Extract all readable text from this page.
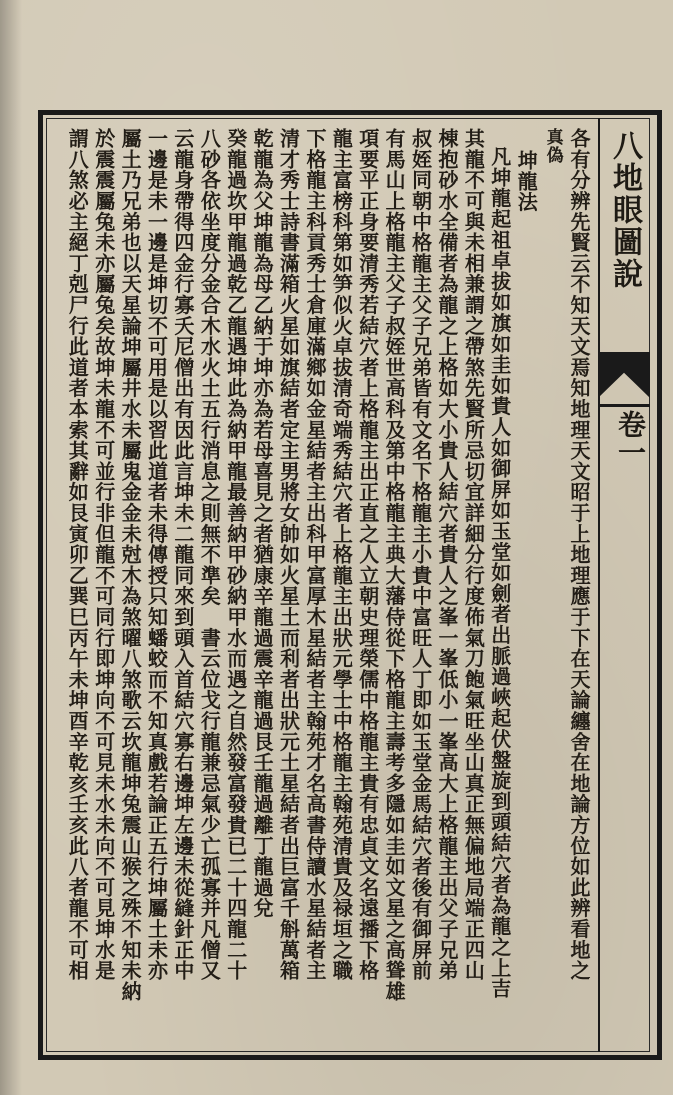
八地眼圖說
卷一
各有分辨先賢云不知天文焉知地理天文昭于上地理應于下在天論纏舍在地論方位如此辨看地之
真偽
坤龍法
凡坤龍起祖卓拔如旗如圭如貴人如御屏如玉堂如劍者出脈過峽起伏盤旋到頭結穴者為龍之上吉
其龍不可與未相兼謂之帶煞先賢所忌切宜詳細分行度佈氣刀飽氣旺坐山真正無偏地局端正四山
棟抱砂水全備者為龍之上格如大小貴人結穴者貴人之峯一峯低小一峯高大上格龍主出父子兄弟
叔姪同朝中格龍主父子兄弟皆有文名下格龍主小貴中富旺人丁即如玉堂金馬結穴者後有御屏前
有馬山上格龍主父子叔姪世高科及第中格龍主典大藩侍從下格龍主壽考多隱如圭如文星之高聳雄
項要平正身要清秀若結穴者上格龍主出正直之人立朝史理榮儒中格龍主貴有忠貞文名遠播下格
龍主富榜科第如笋似火卓拔清奇端秀結穴者上格龍主出狀元學士中格龍主翰苑清貴及禄垣之職
下格龍主科貢秀士倉庫滿鄉如金星結者主出科甲富厚木星結者主翰苑才名高書侍讀水星結者主
清才秀士詩書滿箱火星如旗結者定主男將女帥如火星土而利者出狀元土星結者出巨富千斛萬箱
乾龍為父坤龍為母乙納于坤亦為若母喜見之者猶康辛龍過震辛龍過艮壬龍過離丁龍過兌
癸龍過坎甲龍過乾乙龍遇坤此為納甲龍最善納甲砂納甲水而遇之自然發富發貴已二十四龍二十
八砂各依坐度分金合木水火土五行消息之則無不準矣　書云位戈行龍兼忌氣少亡孤寡并凡僧又
云龍身帶得四金行寡夭尼僧出有因此言坤未二龍同來到頭入首結穴寡右邊坤左邊未從縫針正中
一邊是未一邊是坤切不可用是以習此道者未得傳授只知蟠蛟而不知真戲若論正五行坤屬土未亦
屬土乃兄弟也以天星論坤屬井水未屬鬼金金未尅木為煞曜八煞歌云坎龍坤兔震山猴之殊不知未納
於震震屬兔未亦屬兔矣故坤未龍不可並行非但龍不可同行即坤向不可見未水未向不可見坤水是
謂八煞必主絕丁剋尸行此道者本索其辭如艮寅卯乙巽巳丙午未坤酉辛乾亥壬亥此八者龍不可相
